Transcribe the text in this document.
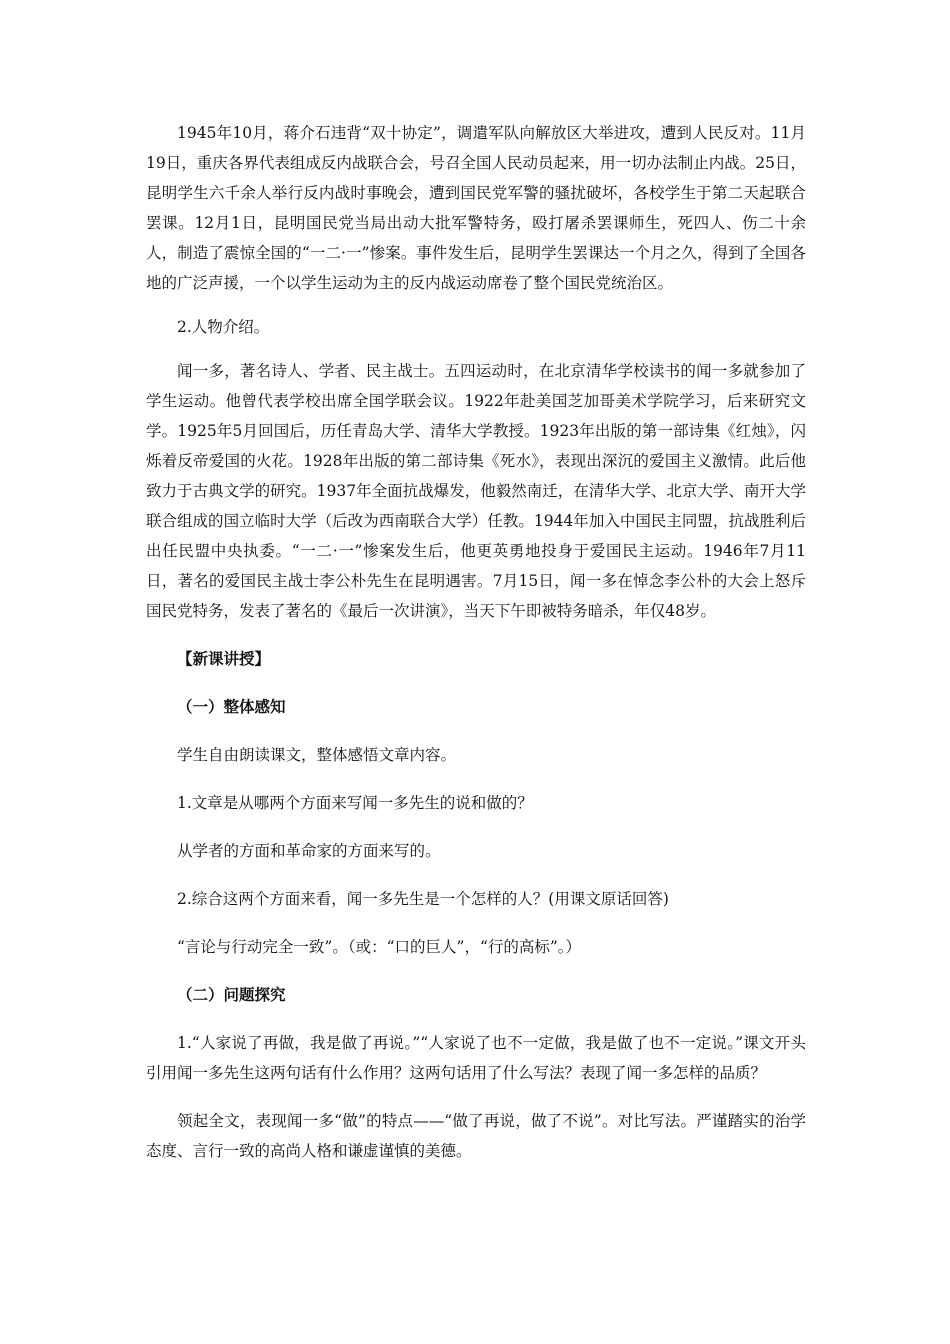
1945年10月，蒋介石违背“双十协定”，调遣军队向解放区大举进攻，遭到人民反对。11月19日，重庆各界代表组成反内战联合会，号召全国人民动员起来，用一切办法制止内战。25日，昆明学生六千余人举行反内战时事晚会，遭到国民党军警的骚扰破坏，各校学生于第二天起联合罢课。12月1日，昆明国民党当局出动大批军警特务，殴打屠杀罢课师生，死四人、伤二十余人，制造了震惊全国的“一二·一”惨案。事件发生后，昆明学生罢课达一个月之久，得到了全国各地的广泛声援，一个以学生运动为主的反内战运动席卷了整个国民党统治区。

2.人物介绍。

闻一多，著名诗人、学者、民主战士。五四运动时，在北京清华学校读书的闻一多就参加了学生运动。他曾代表学校出席全国学联会议。1922年赴美国芝加哥美术学院学习，后来研究文学。1925年5月回国后，历任青岛大学、清华大学教授。1923年出版的第一部诗集《红烛》，闪烁着反帝爱国的火花。1928年出版的第二部诗集《死水》，表现出深沉的爱国主义激情。此后他致力于古典文学的研究。1937年全面抗战爆发，他毅然南迁，在清华大学、北京大学、南开大学联合组成的国立临时大学（后改为西南联合大学）任教。1944年加入中国民主同盟，抗战胜利后出任民盟中央执委。“一二·一”惨案发生后，他更英勇地投身于爱国民主运动。1946年7月11日，著名的爱国民主战士李公朴先生在昆明遇害。7月15日，闻一多在悼念李公朴的大会上怒斥国民党特务，发表了著名的《最后一次讲演》，当天下午即被特务暗杀，年仅48岁。

【新课讲授】

（一）整体感知

学生自由朗读课文，整体感悟文章内容。

1.文章是从哪两个方面来写闻一多先生的说和做的？

从学者的方面和革命家的方面来写的。

2.综合这两个方面来看，闻一多先生是一个怎样的人？(用课文原话回答)

“言论与行动完全一致”。（或：“口的巨人”，“行的高标”。）

（二）问题探究

1.“人家说了再做，我是做了再说。”“人家说了也不一定做，我是做了也不一定说。”课文开头引用闻一多先生这两句话有什么作用？这两句话用了什么写法？表现了闻一多怎样的品质？

领起全文，表现闻一多“做”的特点——“做了再说，做了不说”。对比写法。严谨踏实的治学态度、言行一致的高尚人格和谦虚谨慎的美德。
